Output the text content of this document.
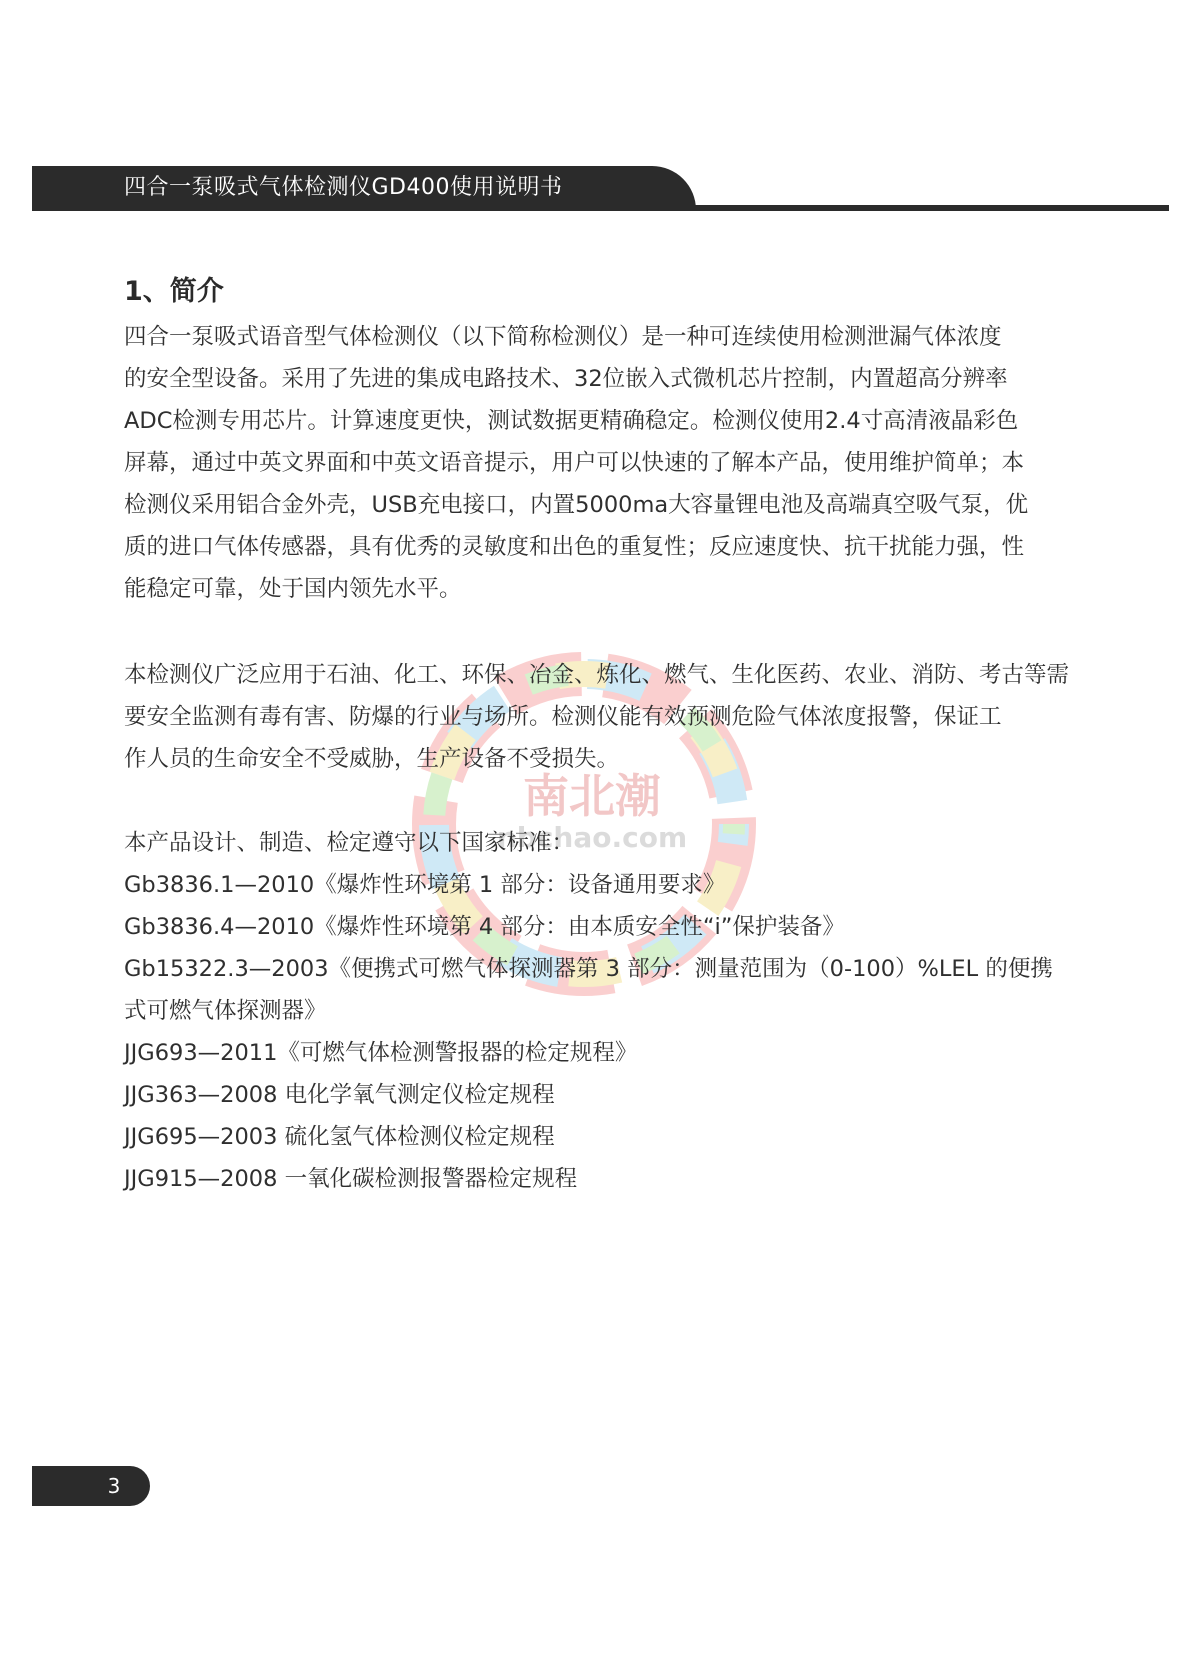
四合一泵吸式气体检测仪GD400使用说明书
1、简介
南北潮
nbchao.com
四合一泵吸式语音型气体检测仪（以下简称检测仪）是一种可连续使用检测泄漏气体浓度
的安全型设备。采用了先进的集成电路技术、32位嵌入式微机芯片控制，内置超高分辨率
ADC检测专用芯片。计算速度更快，测试数据更精确稳定。检测仪使用2.4寸高清液晶彩色
屏幕，通过中英文界面和中英文语音提示，用户可以快速的了解本产品，使用维护简单；本
检测仪采用铝合金外壳，USB充电接口，内置5000ma大容量锂电池及高端真空吸气泵，优
质的进口气体传感器，具有优秀的灵敏度和出色的重复性；反应速度快、抗干扰能力强，性
能稳定可靠，处于国内领先水平。
本检测仪广泛应用于石油、化工、环保、冶金、炼化、燃气、生化医药、农业、消防、考古等需
要安全监测有毒有害、防爆的行业与场所。检测仪能有效预测危险气体浓度报警，保证工
作人员的生命安全不受威胁，生产设备不受损失。
本产品设计、制造、检定遵守以下国家标准：
Gb3836.1—2010《爆炸性环境第 1 部分：设备通用要求》
Gb3836.4—2010《爆炸性环境第 4 部分：由本质安全性“i”保护装备》
Gb15322.3—2003《便携式可燃气体探测器第 3 部分：测量范围为（0-100）%LEL 的便携
式可燃气体探测器》
JJG693—2011《可燃气体检测警报器的检定规程》
JJG363—2008 电化学氧气测定仪检定规程
JJG695—2003 硫化氢气体检测仪检定规程
JJG915—2008 一氧化碳检测报警器检定规程
3
